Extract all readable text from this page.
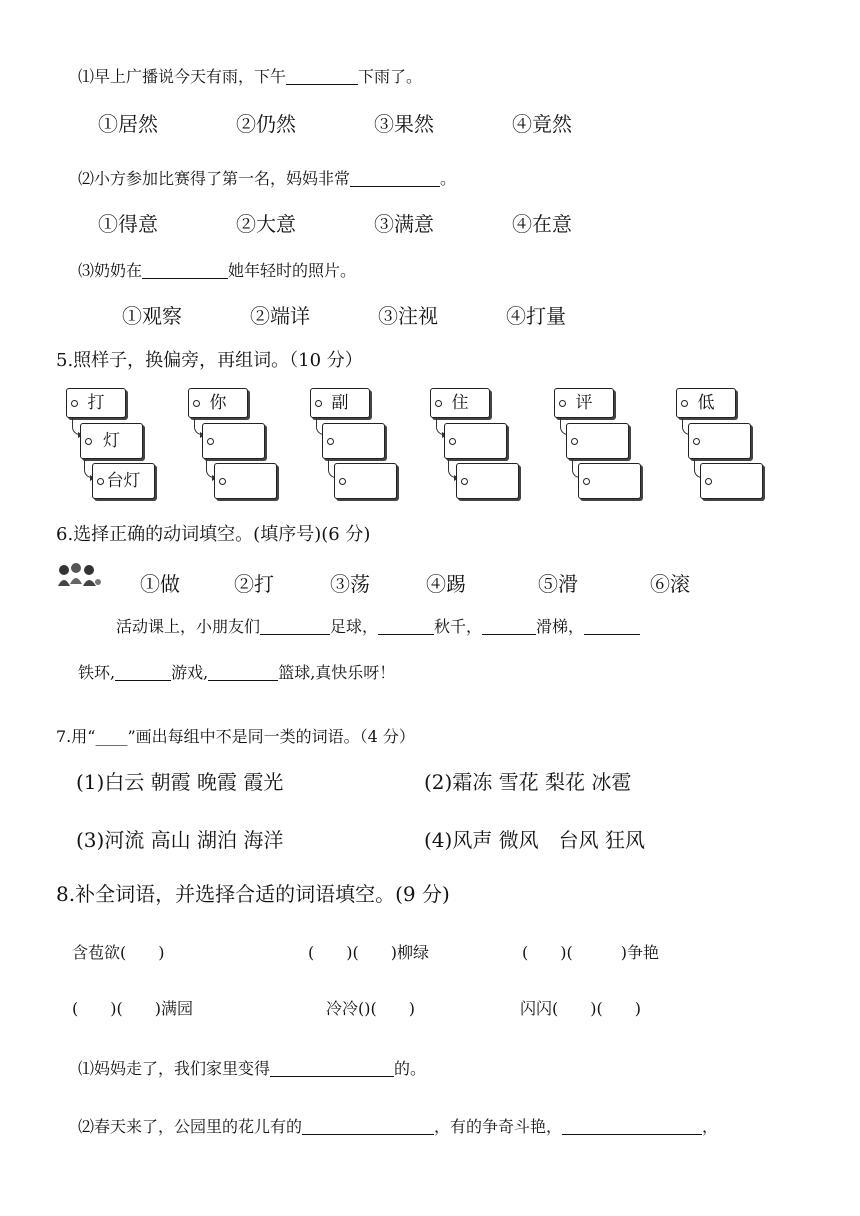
⑴早上广播说今天有雨，下午	下雨了。
①居然	②仍然	③果然	④竟然
⑵小方参加比赛得了第一名，妈妈非常	。
①得意	②大意	③满意	④在意
⑶奶奶在	她年轻时的照片。
①观察	②端详	③注视	④打量
5.照样子，换偏旁，再组词。（10 分）
打
灯
台灯
你	副	住	评	低
6.选择正确的动词填空。(填序号)(6 分)
①做	②打	③荡	④踢	⑤滑	⑥滚
活动课上，小朋友们	足球，	秋千，	滑梯，
铁环,	游戏,	篮球,真快乐呀！
7.用“____”画出每组中不是同一类的词语。（4 分）
(1)白云 朝霞 晚霞 霞光	(2)霜冻 雪花 梨花 冰雹
(3)河流 高山 湖泊 海洋	(4)风声 微风　台风 狂风
8.补全词语，并选择合适的词语填空。(9 分)
含苞欲(　　)	(　　)(　　)柳绿	(　　)(　　　)争艳
(　　)(　　)满园	冷冷()(　　)	闪闪(　　)(　　)
⑴妈妈走了，我们家里变得	的。
⑵春天来了，公园里的花儿有的	，有的争奇斗艳，	，
